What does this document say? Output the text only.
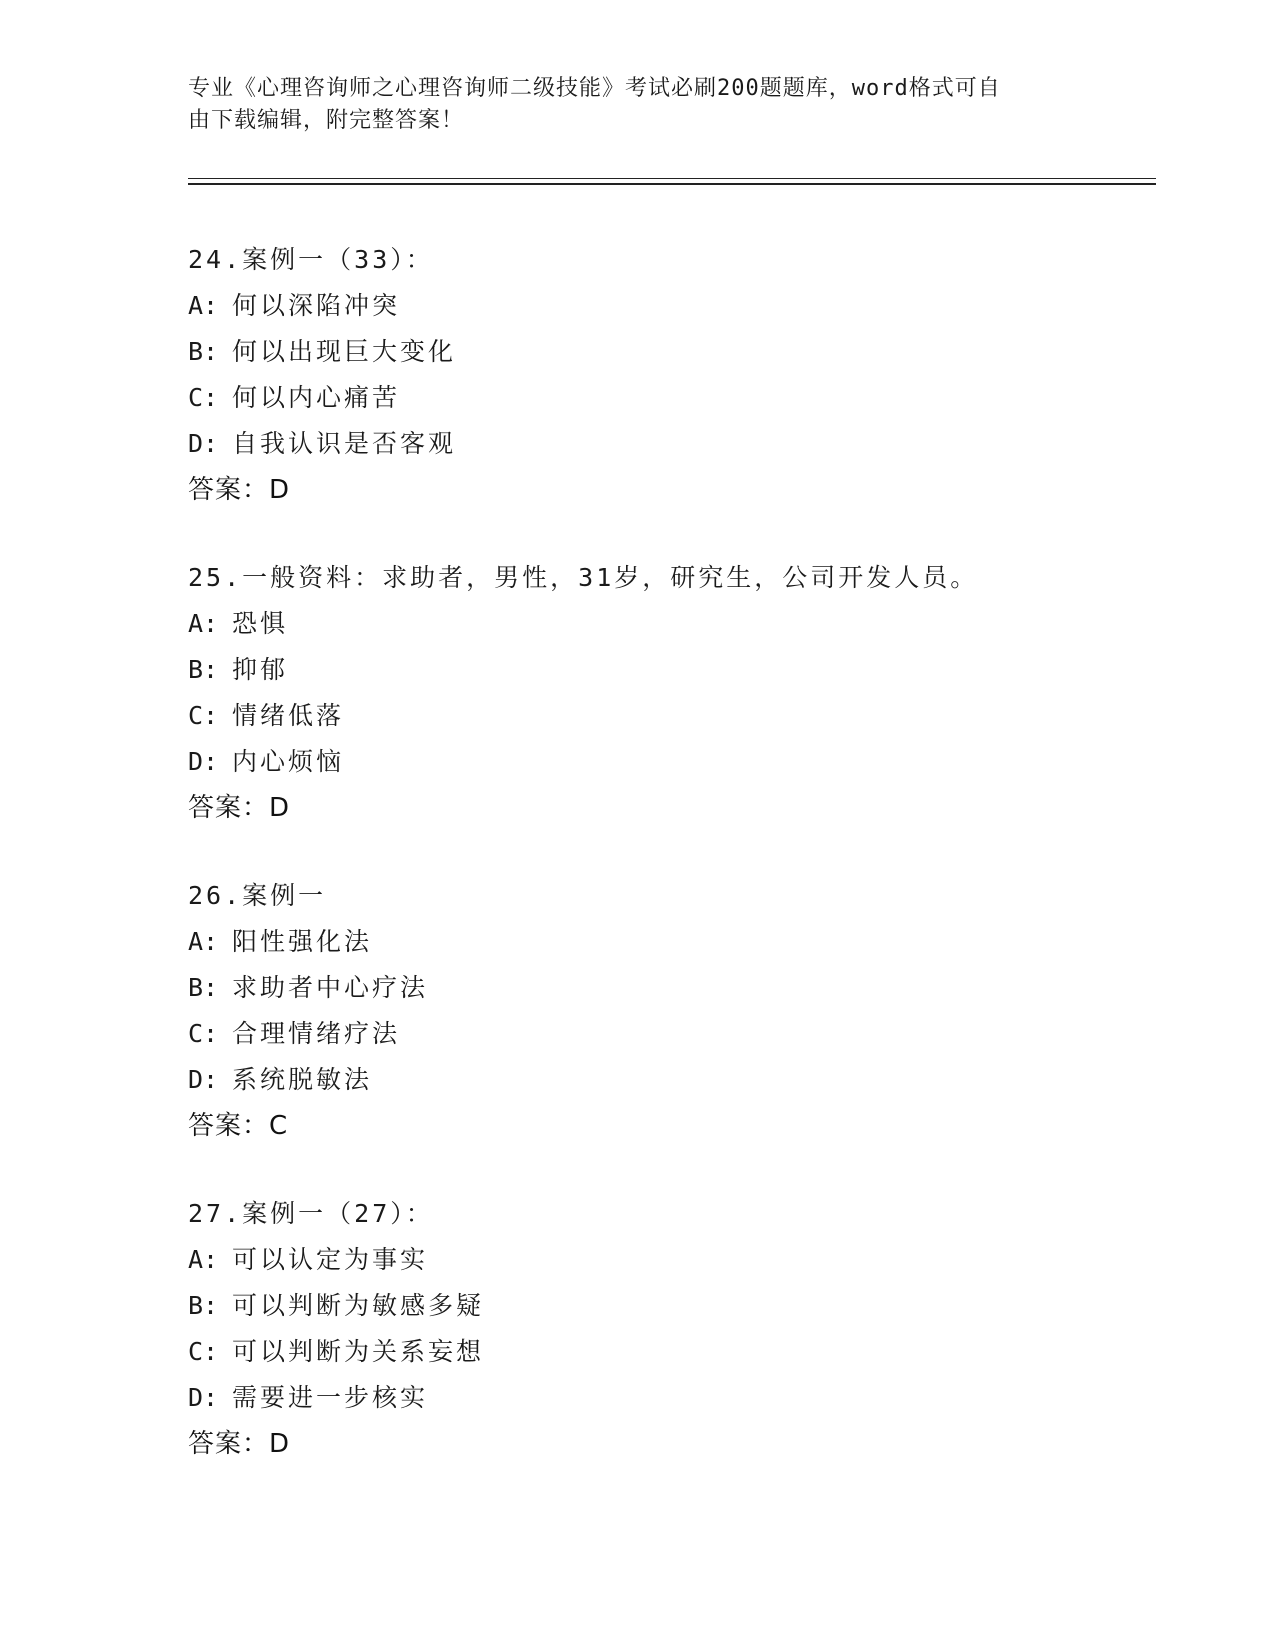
专业《心理咨询师之心理咨询师二级技能》考试必刷200题题库，word格式可自
由下载编辑，附完整答案！
24.案例一（33）：
A: 何以深陷冲突
B: 何以出现巨大变化
C: 何以内心痛苦
D: 自我认识是否客观
答案：D
25.一般资料：求助者，男性，31岁，研究生，公司开发人员。
A: 恐惧
B: 抑郁
C: 情绪低落
D: 内心烦恼
答案：D
26.案例一
A: 阳性强化法
B: 求助者中心疗法
C: 合理情绪疗法
D: 系统脱敏法
答案：C
27.案例一（27）：
A: 可以认定为事实
B: 可以判断为敏感多疑
C: 可以判断为关系妄想
D: 需要进一步核实
答案：D
